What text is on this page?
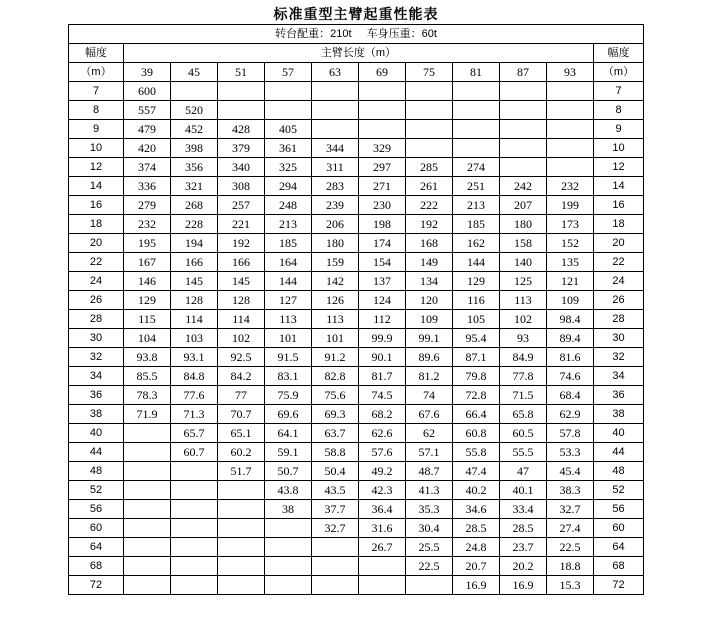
标准重型主臂起重性能表
转台配重：210t 车身压重：60t											
幅度	主臂长度（m）										幅度
（m）	39	45	51	57	63	69	75	81	87	93	（m）
7	600										7
8	557	520									8
9	479	452	428	405							9
10	420	398	379	361	344	329					10
12	374	356	340	325	311	297	285	274			12
14	336	321	308	294	283	271	261	251	242	232	14
16	279	268	257	248	239	230	222	213	207	199	16
18	232	228	221	213	206	198	192	185	180	173	18
20	195	194	192	185	180	174	168	162	158	152	20
22	167	166	166	164	159	154	149	144	140	135	22
24	146	145	145	144	142	137	134	129	125	121	24
26	129	128	128	127	126	124	120	116	113	109	26
28	115	114	114	113	113	112	109	105	102	98.4	28
30	104	103	102	101	101	99.9	99.1	95.4	93	89.4	30
32	93.8	93.1	92.5	91.5	91.2	90.1	89.6	87.1	84.9	81.6	32
34	85.5	84.8	84.2	83.1	82.8	81.7	81.2	79.8	77.8	74.6	34
36	78.3	77.6	77	75.9	75.6	74.5	74	72.8	71.5	68.4	36
38	71.9	71.3	70.7	69.6	69.3	68.2	67.6	66.4	65.8	62.9	38
40		65.7	65.1	64.1	63.7	62.6	62	60.8	60.5	57.8	40
44		60.7	60.2	59.1	58.8	57.6	57.1	55.8	55.5	53.3	44
48			51.7	50.7	50.4	49.2	48.7	47.4	47	45.4	48
52				43.8	43.5	42.3	41.3	40.2	40.1	38.3	52
56				38	37.7	36.4	35.3	34.6	33.4	32.7	56
60					32.7	31.6	30.4	28.5	28.5	27.4	60
64						26.7	25.5	24.8	23.7	22.5	64
68							22.5	20.7	20.2	18.8	68
72								16.9	16.9	15.3	72
